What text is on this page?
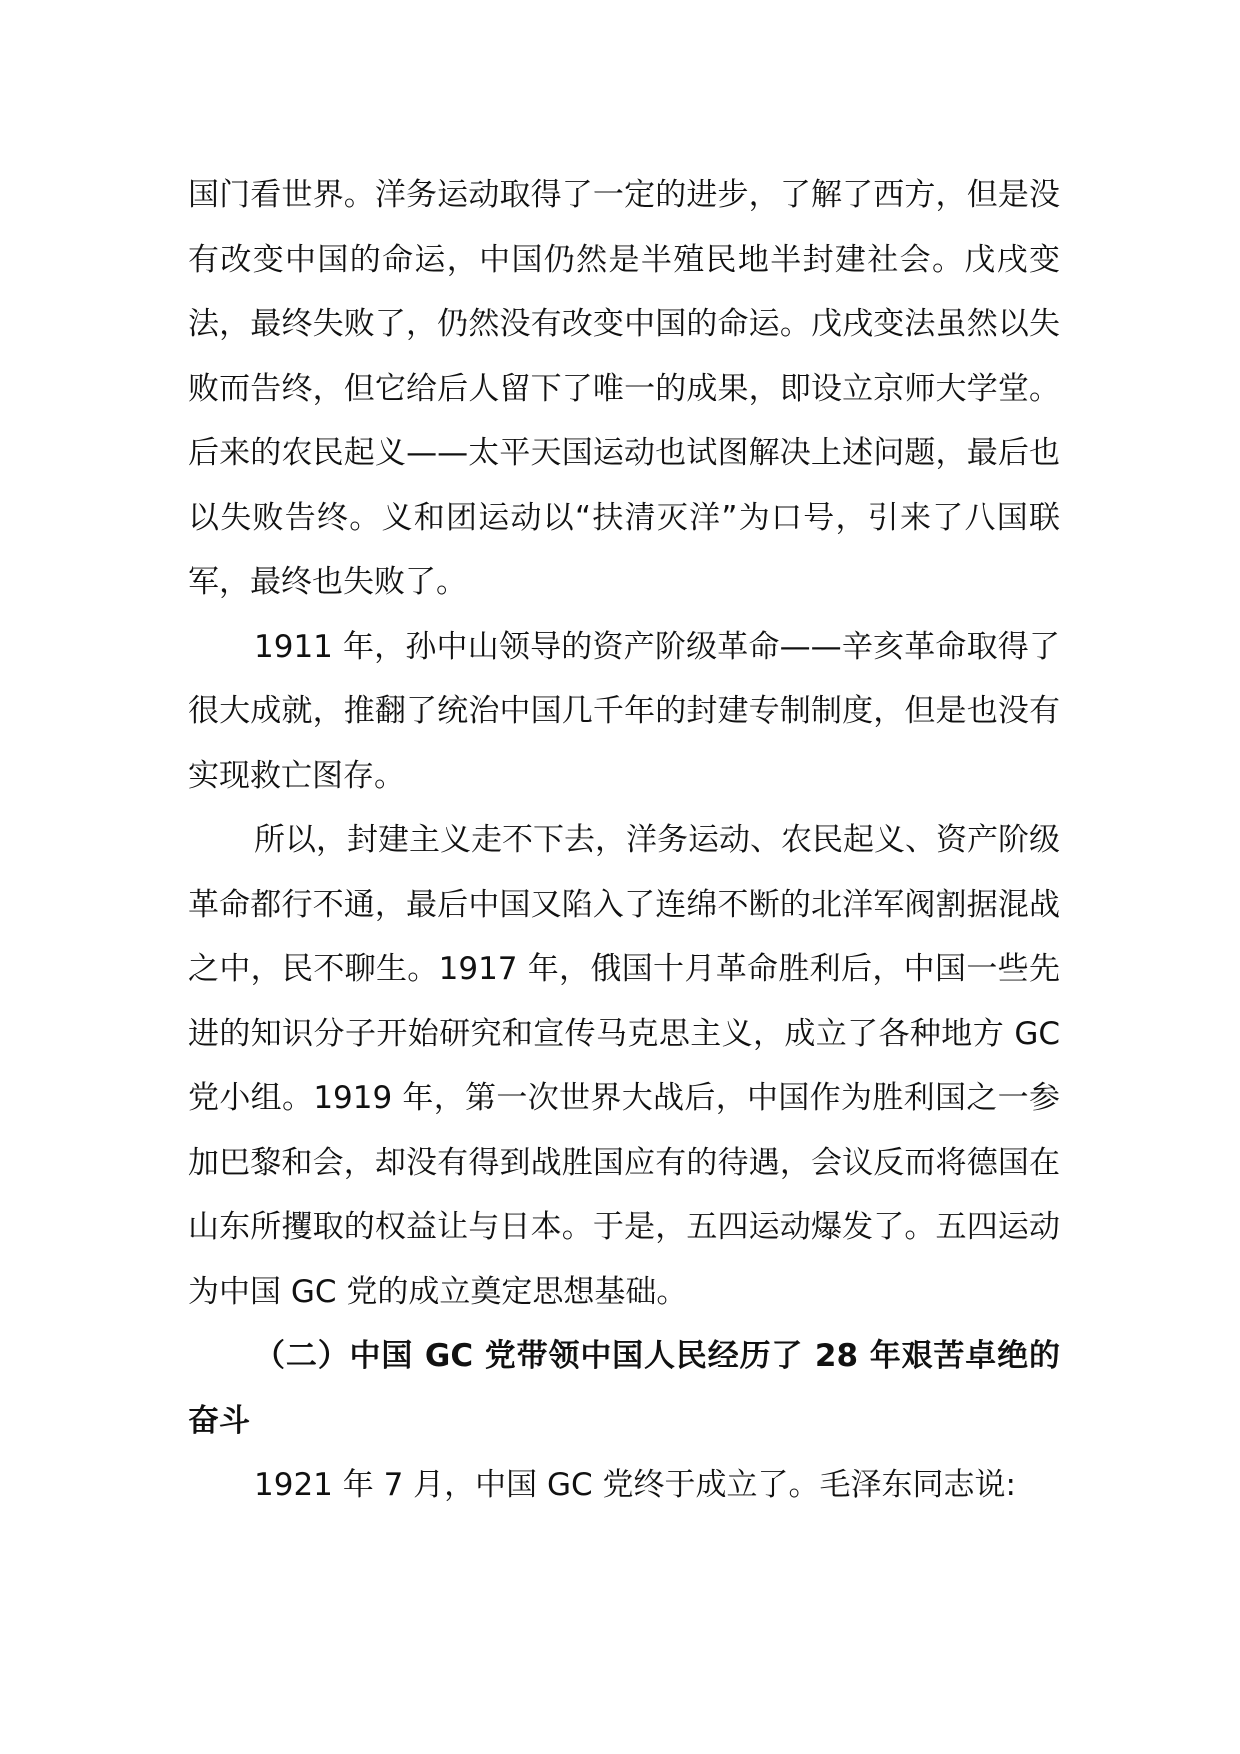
国门看世界。洋务运动取得了一定的进步，了解了西方，但是没有改变中国的命运，中国仍然是半殖民地半封建社会。戊戌变法，最终失败了，仍然没有改变中国的命运。戊戌变法虽然以失败而告终，但它给后人留下了唯一的成果，即设立京师大学堂。后来的农民起义——太平天国运动也试图解决上述问题，最后也以失败告终。义和团运动以“扶清灭洋”为口号，引来了八国联军，最终也失败了。

1911 年，孙中山领导的资产阶级革命——辛亥革命取得了很大成就，推翻了统治中国几千年的封建专制制度，但是也没有实现救亡图存。

所以，封建主义走不下去，洋务运动、农民起义、资产阶级革命都行不通，最后中国又陷入了连绵不断的北洋军阀割据混战之中，民不聊生。1917 年，俄国十月革命胜利后，中国一些先进的知识分子开始研究和宣传马克思主义，成立了各种地方 GC 党小组。1919 年，第一次世界大战后，中国作为胜利国之一参加巴黎和会，却没有得到战胜国应有的待遇，会议反而将德国在山东所攫取的权益让与日本。于是，五四运动爆发了。五四运动为中国 GC 党的成立奠定思想基础。

（二）中国 GC 党带领中国人民经历了 28 年艰苦卓绝的奋斗

1921 年 7 月，中国 GC 党终于成立了。毛泽东同志说:
